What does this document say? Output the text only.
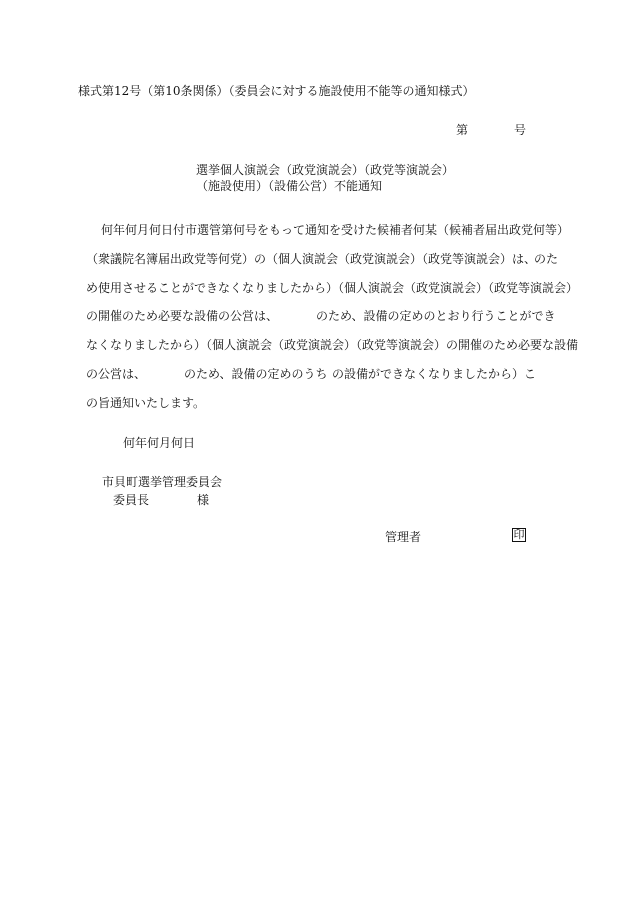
様式第12号（第10条関係）（委員会に対する施設使用不能等の通知様式）
第	号
選挙個人演説会（政党演説会）（政党等演説会）
（施設使用）（設備公営）不能通知
何年何月何日付市選管第何号をもって通知を受けた候補者何某（候補者届出政党何等）
（衆議院名簿届出政党等何党）の（個人演説会（政党演説会）（政党等演説会）は、
のた
め使用させることができなくなりましたから）（個人演説会（政党演説会）（政党等演説会）
の開催のため必要な設備の公営は、	のため、設備の定めのとおり行うことができ
なくなりましたから）（個人演説会（政党演説会）（政党等演説会）の開催のため必要な設備
の公営は、	のため、設備の定めのうち の設備ができなくなりましたから）こ
の旨通知いたします。
何年何月何日
市貝町選挙管理委員会
委員長	様
管理者	印
